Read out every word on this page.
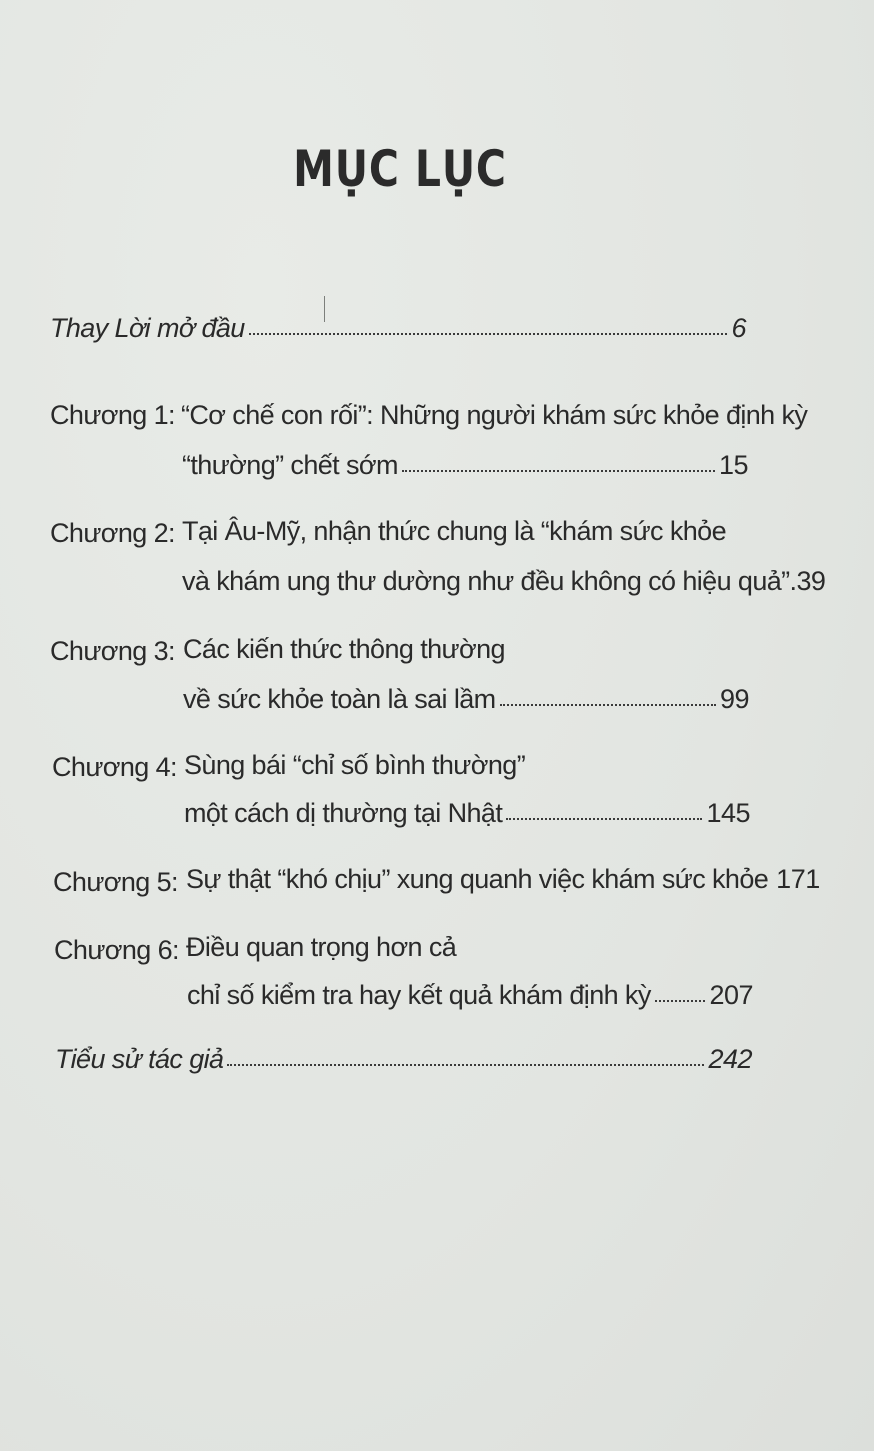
MỤC LỤC
Thay Lời mở đầu	6
Chương 1: “Cơ chế con rối”: Những người khám sức khỏe định kỳ
“thường” chết sớm	15
Chương 2: Tại Âu-Mỹ, nhận thức chung là “khám sức khỏe
và khám ung thư dường như đều không có hiệu quả”.39
Chương 3: Các kiến thức thông thường
về sức khỏe toàn là sai lầm	99
Chương 4: Sùng bái “chỉ số bình thường”
một cách dị thường tại Nhật	145
Chương 5: Sự thật “khó chịu” xung quanh việc khám sức khỏe 171
Chương 6: Điều quan trọng hơn cả
chỉ số kiểm tra hay kết quả khám định kỳ 207
Tiểu sử tác giả	242
